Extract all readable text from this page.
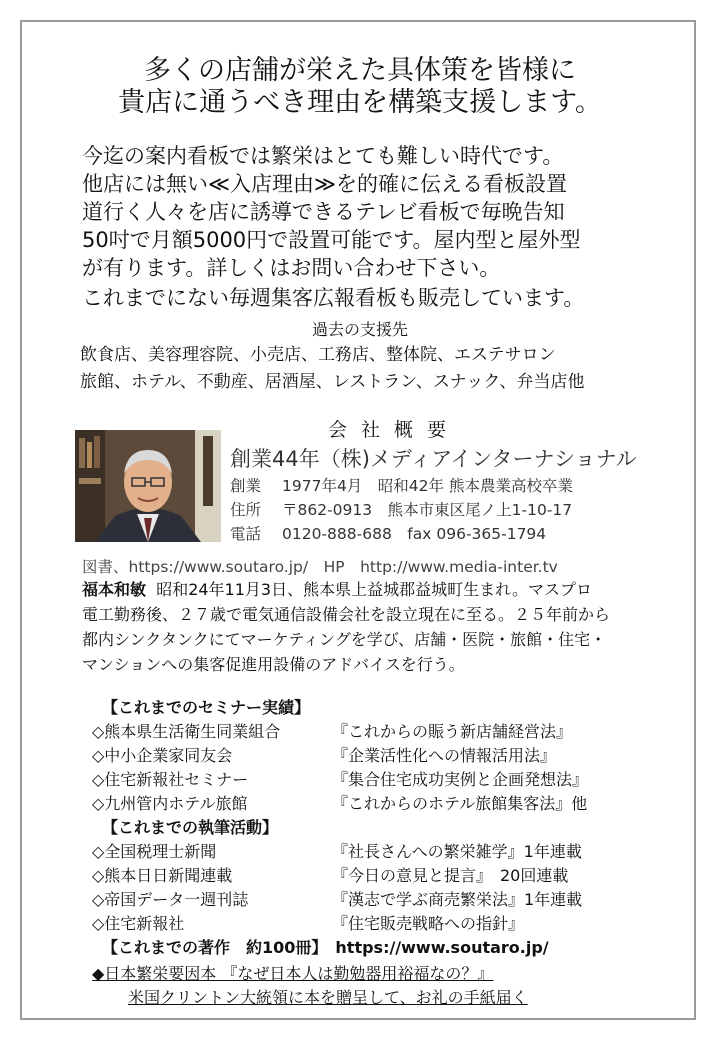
多くの店舗が栄えた具体策を皆様に
貴店に通うべき理由を構築支援します。
今迄の案内看板では繁栄はとても難しい時代です。
他店には無い≪入店理由≫を的確に伝える看板設置
道行く人々を店に誘導できるテレビ看板で毎晩告知
50吋で月額5000円で設置可能です。屋内型と屋外型
が有ります。詳しくはお問い合わせ下さい。
これまでにない毎週集客広報看板も販売しています。
過去の支援先
飲食店、美容理容院、小売店、工務店、整体院、エステサロン
旅館、ホテル、不動産、居酒屋、レストラン、スナック、弁当店他
会社概要
創業44年（株)メディアインターナショナル
創業 1977年4月　昭和42年 熊本農業高校卒業
住所 〒862-0913　熊本市東区尾ノ上1-10-17
電話 0120-888-688　fax 096-365-1794
図書、https://www.soutaro.jp/　HP　http://www.media-inter.tv
福本和敏 昭和24年11月3日、熊本県上益城郡益城町生まれ。マスプロ
電工勤務後、２７歳で電気通信設備会社を設立現在に至る。２５年前から
都内シンクタンクにてマーケティングを学び、店舗・医院・旅館・住宅・
マンションへの集客促進用設備のアドバイスを行う。
【これまでのセミナー実績】
◇熊本県生活衛生同業組合	『これからの賑う新店舗経営法』
◇中小企業家同友会	『企業活性化への情報活用法』
◇住宅新報社セミナー	『集合住宅成功実例と企画発想法』
◇九州管内ホテル旅館	『これからのホテル旅館集客法』他
【これまでの執筆活動】
◇全国税理士新聞	『社長さんへの繁栄雑学』1年連載
◇熊本日日新聞連載	『今日の意見と提言』　20回連載
◇帝国データ一週刊誌	『漢志で学ぶ商売繁栄法』1年連載
◇住宅新報社	『住宅販売戦略への指針』
【これまでの著作　約100冊】　https://www.soutaro.jp/
◆日本繁栄要因本 『なぜ日本人は勤勉器用裕福なの？』
米国クリントン大統領に本を贈呈して、お礼の手紙届く
